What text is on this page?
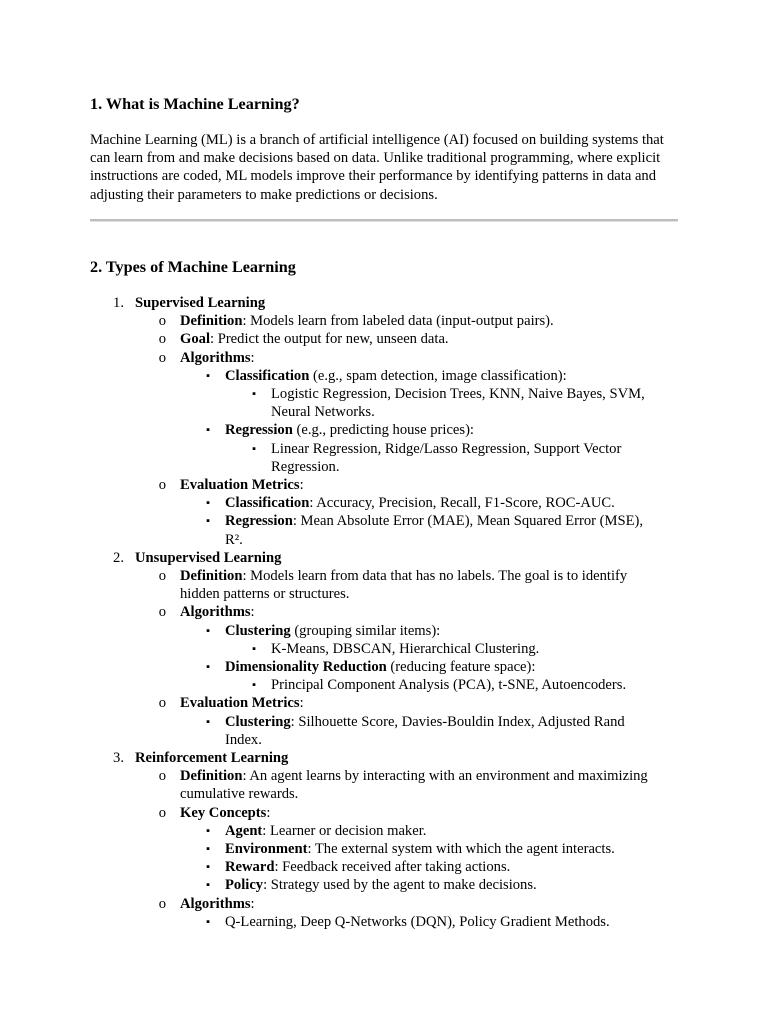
1. What is Machine Learning?

Machine Learning (ML) is a branch of artificial intelligence (AI) focused on building systems that can learn from and make decisions based on data. Unlike traditional programming, where explicit instructions are coded, ML models improve their performance by identifying patterns in data and adjusting their parameters to make predictions or decisions.

2. Types of Machine Learning
1. Supervised Learning
o Definition: Models learn from labeled data (input-output pairs).
o Goal: Predict the output for new, unseen data.
o Algorithms:
▪ Classification (e.g., spam detection, image classification):
▪ Logistic Regression, Decision Trees, KNN, Naive Bayes, SVM,
Neural Networks.
▪ Regression (e.g., predicting house prices):
▪ Linear Regression, Ridge/Lasso Regression, Support Vector
Regression.
o Evaluation Metrics:
▪ Classification: Accuracy, Precision, Recall, F1-Score, ROC-AUC.
▪ Regression: Mean Absolute Error (MAE), Mean Squared Error (MSE),
R².
2. Unsupervised Learning
o Definition: Models learn from data that has no labels. The goal is to identify
hidden patterns or structures.
o Algorithms:
▪ Clustering (grouping similar items):
▪ K-Means, DBSCAN, Hierarchical Clustering.
▪ Dimensionality Reduction (reducing feature space):
▪ Principal Component Analysis (PCA), t-SNE, Autoencoders.
o Evaluation Metrics:
▪ Clustering: Silhouette Score, Davies-Bouldin Index, Adjusted Rand
Index.
3. Reinforcement Learning
o Definition: An agent learns by interacting with an environment and maximizing
cumulative rewards.
o Key Concepts:
▪ Agent: Learner or decision maker.
▪ Environment: The external system with which the agent interacts.
▪ Reward: Feedback received after taking actions.
▪ Policy: Strategy used by the agent to make decisions.
o Algorithms:
▪ Q-Learning, Deep Q-Networks (DQN), Policy Gradient Methods.
